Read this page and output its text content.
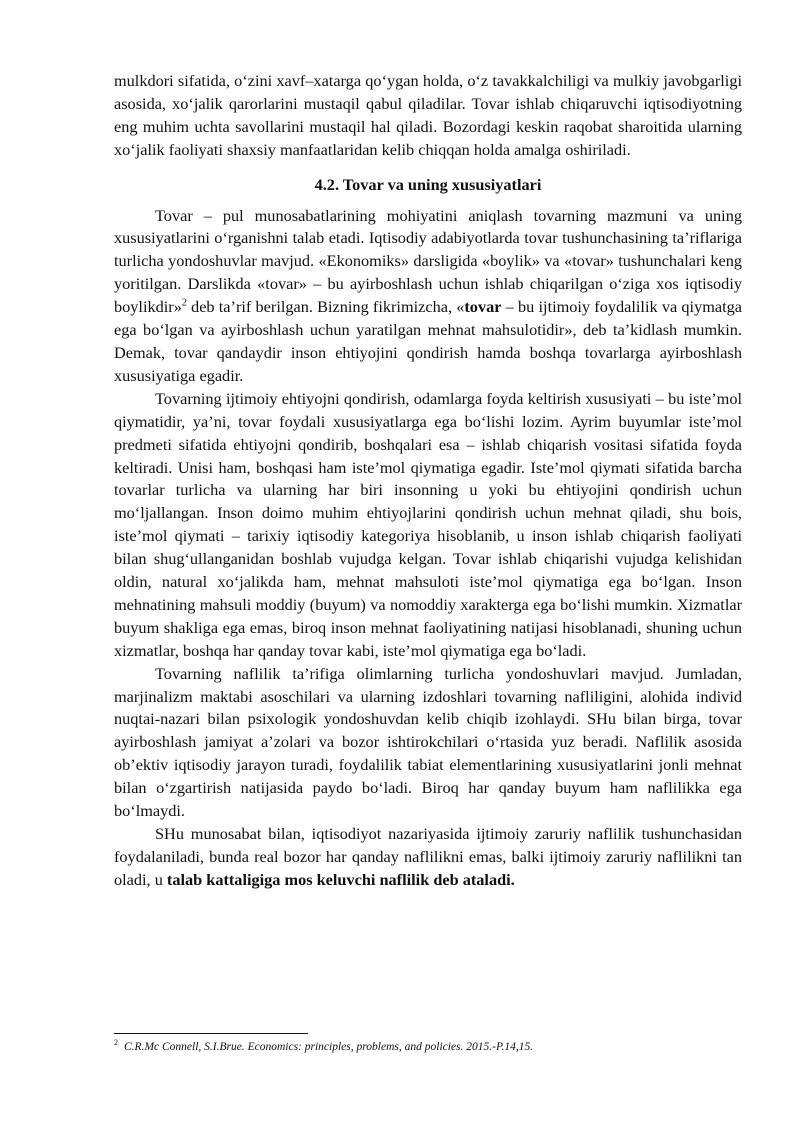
mulkdori sifatida, o‘zini xavf–xatarga qo‘ygan holda, o‘z tavakkalchiligi va mulkiy javobgarligi asosida, xo‘jalik qarorlarini mustaqil qabul qiladilar. Tovar ishlab chiqaruvchi iqtisodiyotning eng muhim uchta savollarini mustaqil hal qiladi. Bozordagi keskin raqobat sharoitida ularning xo‘jalik faoliyati shaxsiy manfaatlaridan kelib chiqqan holda amalga oshiriladi.

4.2. Tovar va uning xususiyatlari

Tovar – pul munosabatlarining mohiyatini aniqlash tovarning mazmuni va uning xususiyatlarini o‘rganishni talab etadi. Iqtisodiy adabiyotlarda tovar tushunchasining ta’riflariga turlicha yondoshuvlar mavjud. «Ekonomiks» darsligida «boylik» va «tovar» tushunchalari keng yoritilgan. Darslikda «tovar» – bu ayirboshlash uchun ishlab chiqarilgan o‘ziga xos iqtisodiy boylikdir»$^2$ deb ta’rif berilgan. Bizning fikrimizcha, «tovar – bu ijtimoiy foydalilik va qiymatga ega bo‘lgan va ayirboshlash uchun yaratilgan mehnat mahsulotidir», deb ta’kidlash mumkin. Demak, tovar qandaydir inson ehtiyojini qondirish hamda boshqa tovarlarga ayirboshlash xususiyatiga egadir.

Tovarning ijtimoiy ehtiyojni qondirish, odamlarga foyda keltirish xususiyati – bu iste’mol qiymatidir, ya’ni, tovar foydali xususiyatlarga ega bo‘lishi lozim. Ayrim buyumlar iste’mol predmeti sifatida ehtiyojni qondirib, boshqalari esa – ishlab chiqarish vositasi sifatida foyda keltiradi. Unisi ham, boshqasi ham iste’mol qiymatiga egadir. Iste’mol qiymati sifatida barcha tovarlar turlicha va ularning har biri insonning u yoki bu ehtiyojini qondirish uchun mo‘ljallangan. Inson doimo muhim ehtiyojlarini qondirish uchun mehnat qiladi, shu bois, iste’mol qiymati – tarixiy iqtisodiy kategoriya hisoblanib, u inson ishlab chiqarish faoliyati bilan shug‘ullanganidan boshlab vujudga kelgan. Tovar ishlab chiqarishi vujudga kelishidan oldin, natural xo‘jalikda ham, mehnat mahsuloti iste’mol qiymatiga ega bo‘lgan. Inson mehnatining mahsuli moddiy (buyum) va nomoddiy xarakterga ega bo‘lishi mumkin. Xizmatlar buyum shakliga ega emas, biroq inson mehnat faoliyatining natijasi hisoblanadi, shuning uchun xizmatlar, boshqa har qanday tovar kabi, iste’mol qiymatiga ega bo‘ladi.

Tovarning naflilik ta’rifiga olimlarning turlicha yondoshuvlari mavjud. Jumladan, marjinalizm maktabi asoschilari va ularning izdoshlari tovarning nafliligini, alohida individ nuqtai-nazari bilan psixologik yondoshuvdan kelib chiqib izohlaydi. SHu bilan birga, tovar ayirboshlash jamiyat a’zolari va bozor ishtirokchilari o‘rtasida yuz beradi. Naflilik asosida ob’ektiv iqtisodiy jarayon turadi, foydalilik tabiat elementlarining xususiyatlarini jonli mehnat bilan o‘zgartirish natijasida paydo bo‘ladi. Biroq har qanday buyum ham naflilikka ega bo‘lmaydi.

SHu munosabat bilan, iqtisodiyot nazariyasida ijtimoiy zaruriy naflilik tushunchasidan foydalaniladi, bunda real bozor har qanday naflilikni emas, balki ijtimoiy zaruriy naflilikni tan oladi, u talab kattaligiga mos keluvchi naflilik deb ataladi.

$^2$ C.R.Mc Connell, S.I.Brue. Economics: principles, problems, and policies. 2015.-P.14,15.
